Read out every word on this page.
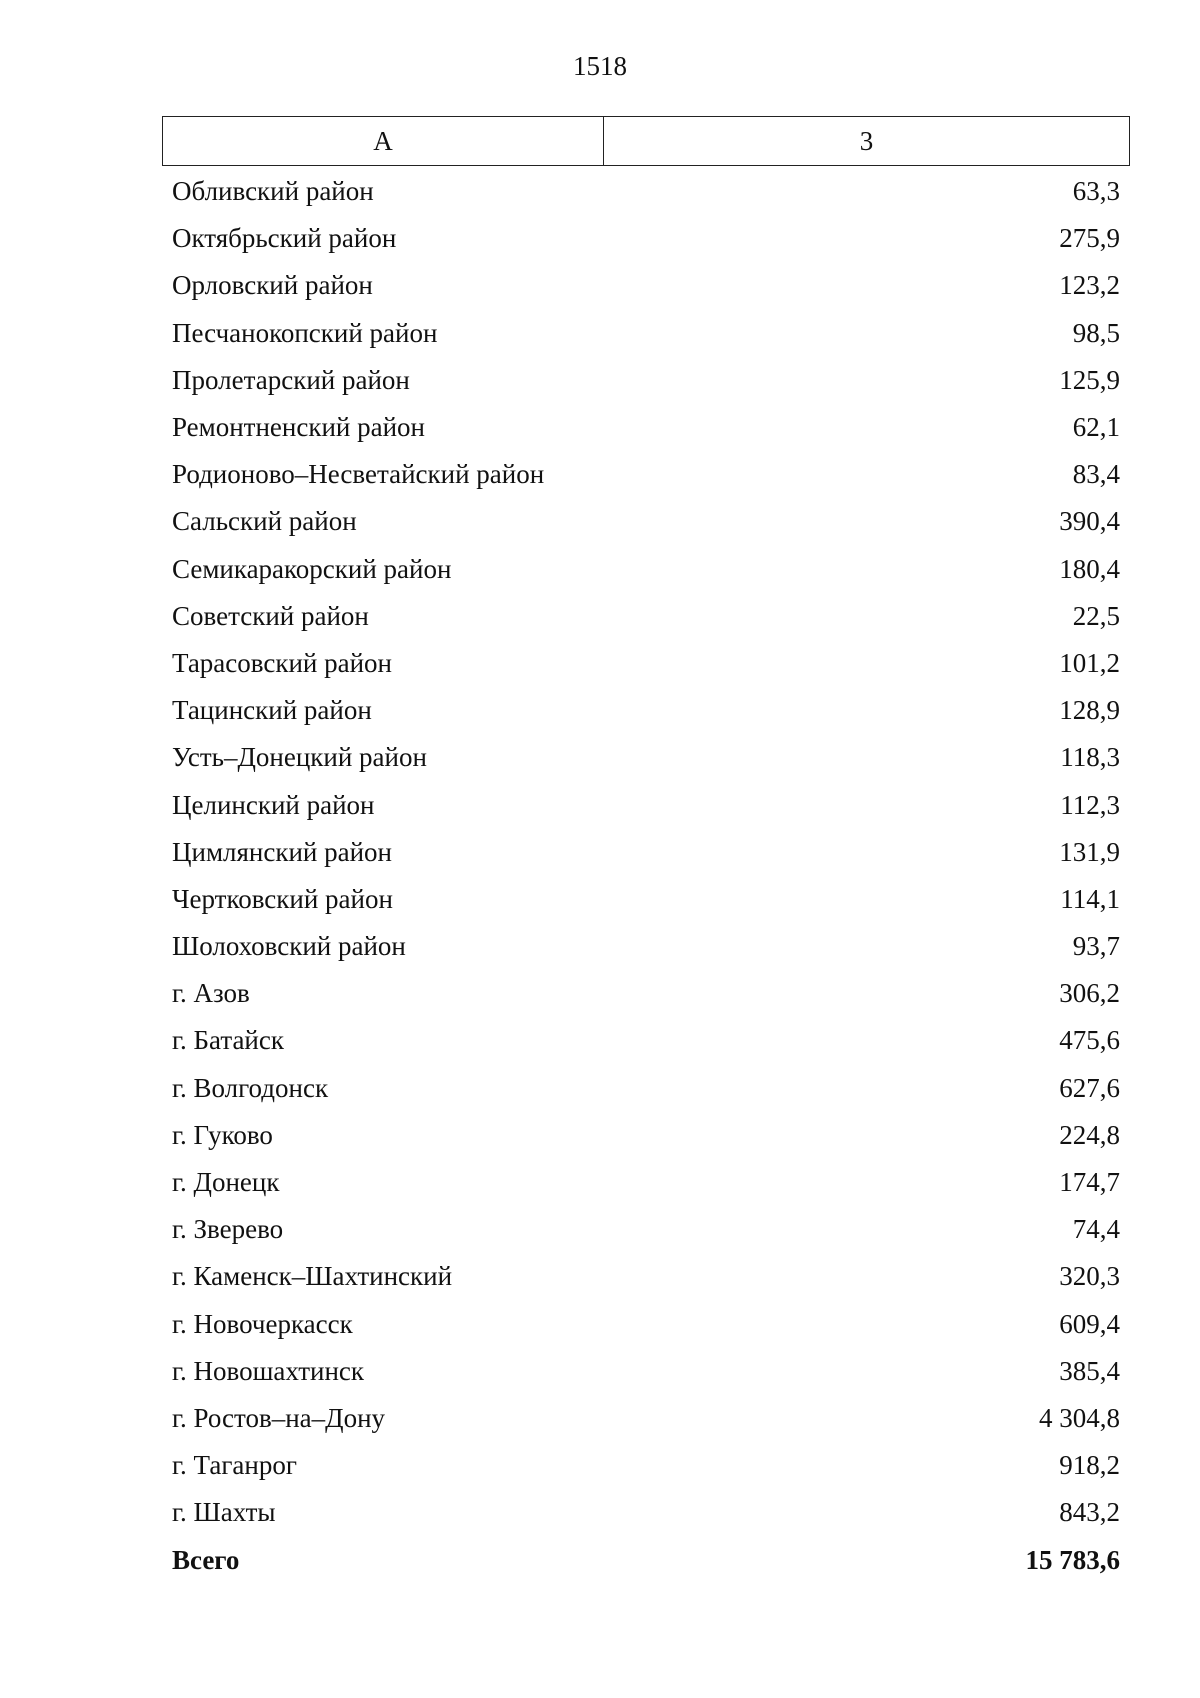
1518
А	3
Обливский район	63,3
Октябрьский район	275,9
Орловский район	123,2
Песчанокопский район	98,5
Пролетарский район	125,9
Ремонтненский район	62,1
Родионово–Несветайский район	83,4
Сальский район	390,4
Семикаракорский район	180,4
Советский район	22,5
Тарасовский район	101,2
Тацинский район	128,9
Усть–Донецкий район	118,3
Целинский район	112,3
Цимлянский район	131,9
Чертковский район	114,1
Шолоховский район	93,7
г. Азов	306,2
г. Батайск	475,6
г. Волгодонск	627,6
г. Гуково	224,8
г. Донецк	174,7
г. Зверево	74,4
г. Каменск–Шахтинский	320,3
г. Новочеркасск	609,4
г. Новошахтинск	385,4
г. Ростов–на–Дону	4 304,8
г. Таганрог	918,2
г. Шахты	843,2
Всего	15 783,6
